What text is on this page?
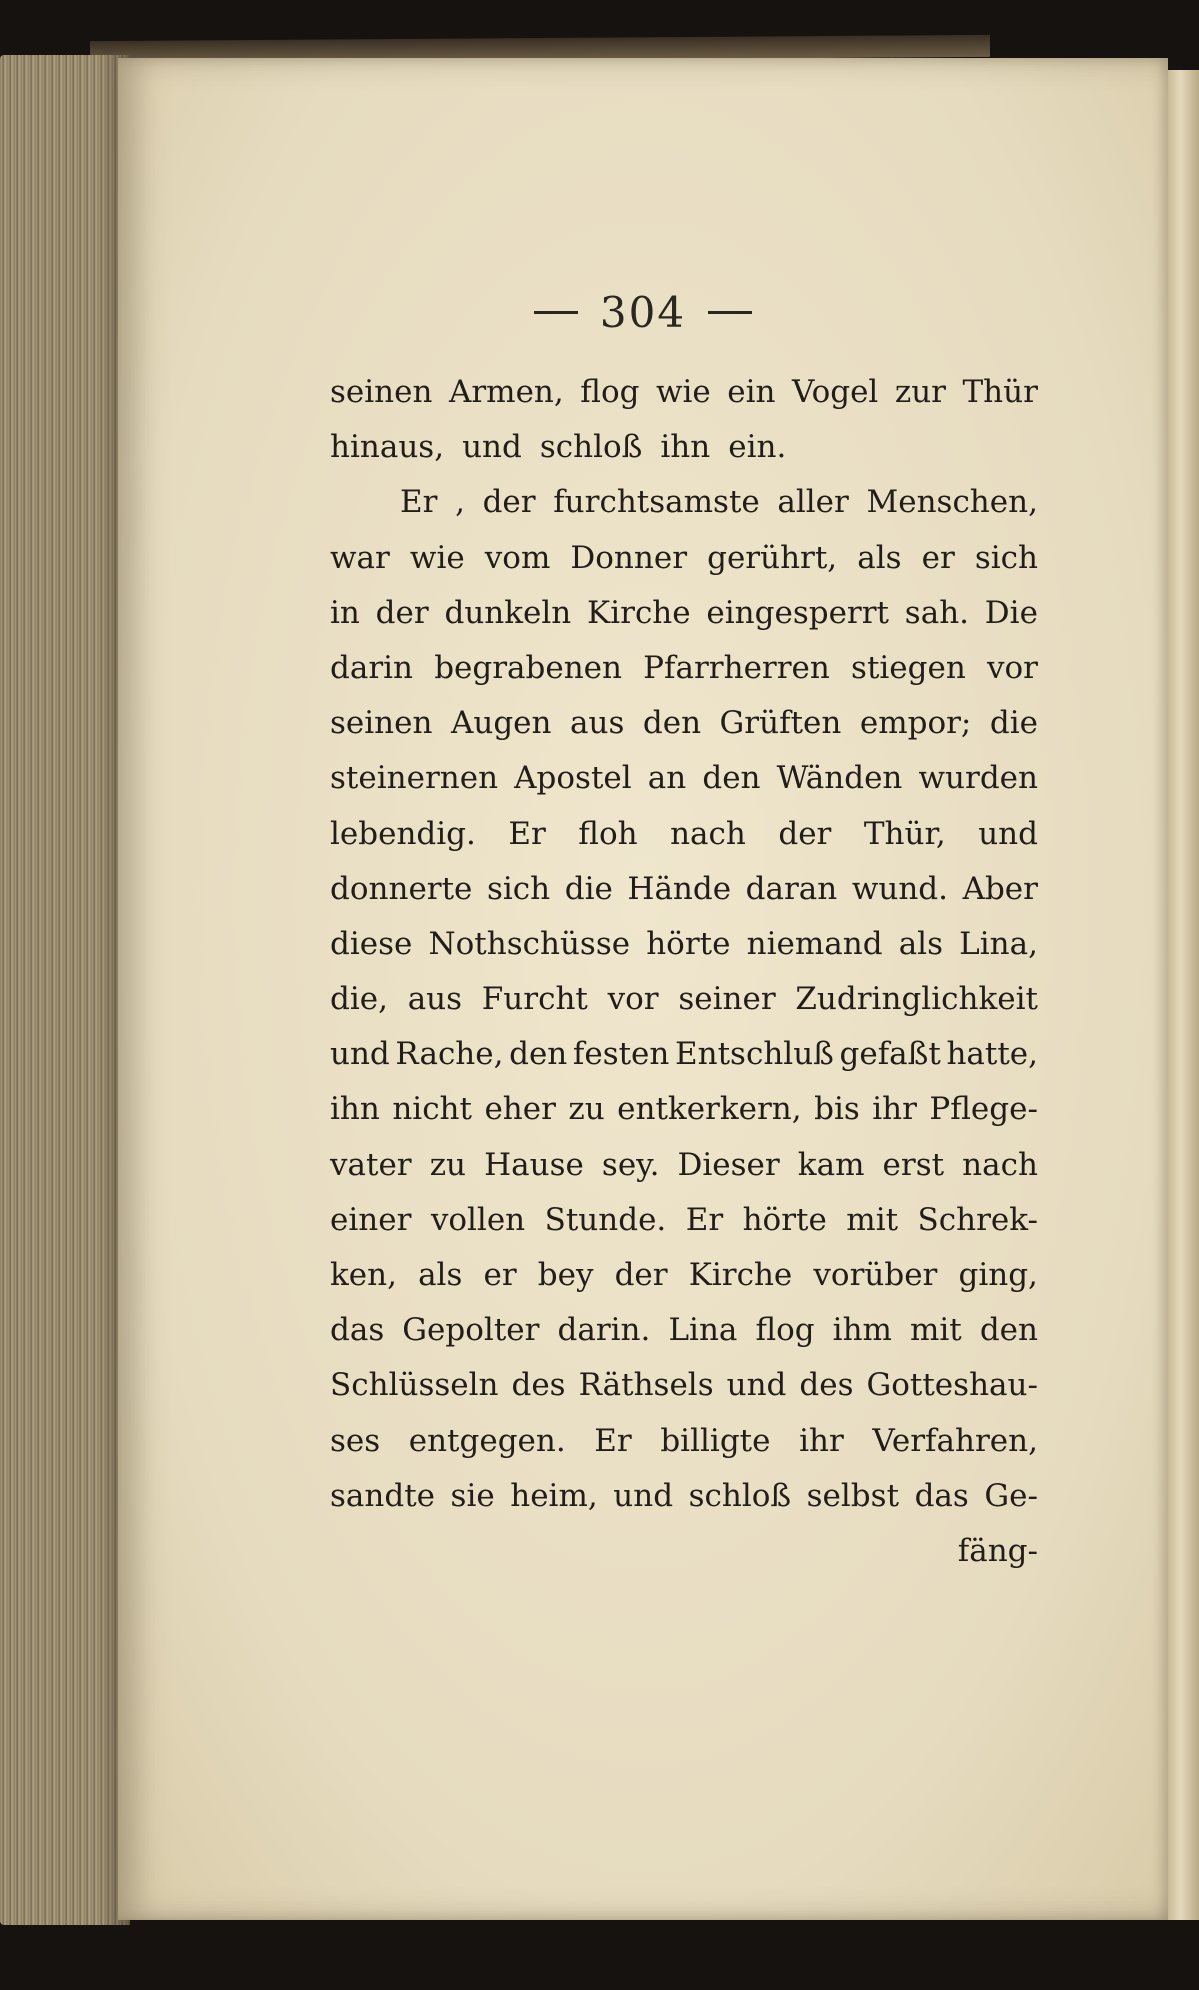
304
seinen Armen, flog wie ein Vogel zur Thür
hinaus, und schloß ihn ein.
Er , der furchtsamste aller Menschen,
war wie vom Donner gerührt, als er sich
in der dunkeln Kirche eingesperrt sah. Die
darin begrabenen Pfarrherren stiegen vor
seinen Augen aus den Grüften empor; die
steinernen Apostel an den Wänden wurden
lebendig. Er floh nach der Thür, und
donnerte sich die Hände daran wund. Aber
diese Nothschüsse hörte niemand als Lina,
die, aus Furcht vor seiner Zudringlichkeit
und Rache, den festen Entschluß gefaßt hatte,
ihn nicht eher zu entkerkern, bis ihr Pflege-
vater zu Hause sey. Dieser kam erst nach
einer vollen Stunde. Er hörte mit Schrek-
ken, als er bey der Kirche vorüber ging,
das Gepolter darin. Lina flog ihm mit den
Schlüsseln des Räthsels und des Gotteshau-
ses entgegen. Er billigte ihr Verfahren,
sandte sie heim, und schloß selbst das Ge-
fäng-
